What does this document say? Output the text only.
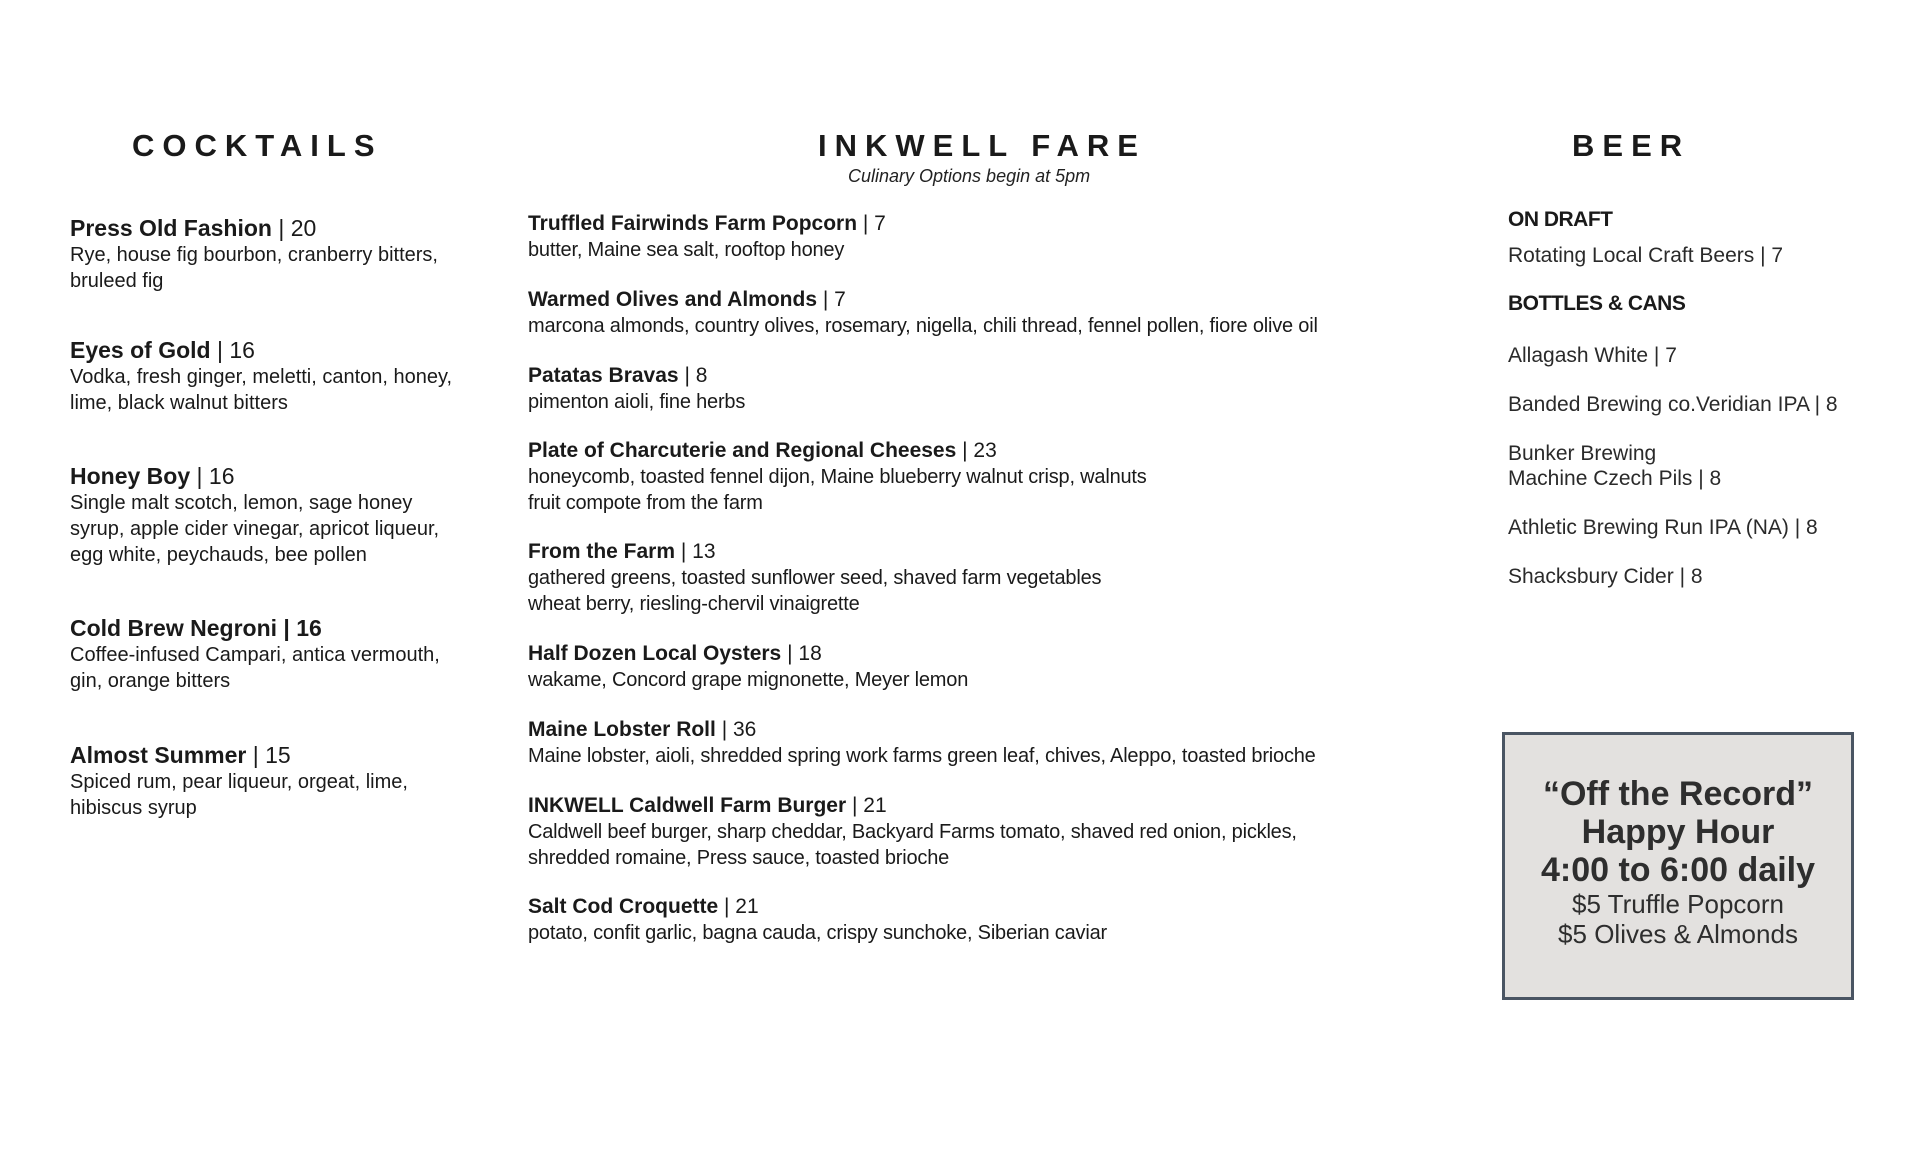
COCKTAILS
Press Old Fashion | 20
Rye, house fig bourbon, cranberry bitters, bruleed fig
Eyes of Gold | 16
Vodka, fresh ginger, meletti, canton, honey, lime, black walnut bitters
Honey Boy | 16
Single malt scotch, lemon, sage honey syrup, apple cider vinegar, apricot liqueur, egg white, peychauds, bee pollen
Cold Brew Negroni | 16
Coffee-infused Campari, antica vermouth, gin, orange bitters
Almost Summer | 15
Spiced rum, pear liqueur, orgeat, lime, hibiscus syrup
INKWELL FARE
Culinary Options begin at 5pm
Truffled Fairwinds Farm Popcorn | 7
butter, Maine sea salt, rooftop honey
Warmed Olives and Almonds | 7
marcona almonds, country olives, rosemary, nigella, chili thread, fennel pollen, fiore olive oil
Patatas Bravas | 8
pimenton aioli, fine herbs
Plate of Charcuterie and Regional Cheeses | 23
honeycomb, toasted fennel dijon, Maine blueberry walnut crisp, walnuts
fruit compote from the farm
From the Farm | 13
gathered greens, toasted sunflower seed, shaved farm vegetables
wheat berry, riesling-chervil vinaigrette
Half Dozen Local Oysters | 18
wakame, Concord grape mignonette, Meyer lemon
Maine Lobster Roll | 36
Maine lobster, aioli, shredded spring work farms green leaf, chives, Aleppo, toasted brioche
INKWELL Caldwell Farm Burger | 21
Caldwell beef burger, sharp cheddar, Backyard Farms tomato, shaved red onion, pickles,
shredded romaine, Press sauce, toasted brioche
Salt Cod Croquette | 21
potato, confit garlic, bagna cauda, crispy sunchoke, Siberian caviar
BEER
ON DRAFT
Rotating Local Craft Beers | 7
BOTTLES & CANS
Allagash White | 7
Banded Brewing co.Veridian IPA | 8
Bunker Brewing
Machine Czech Pils | 8
Athletic Brewing Run IPA (NA) | 8
Shacksbury Cider | 8
“Off the Record”
Happy Hour
4:00 to 6:00 daily
$5 Truffle Popcorn
$5 Olives & Almonds
